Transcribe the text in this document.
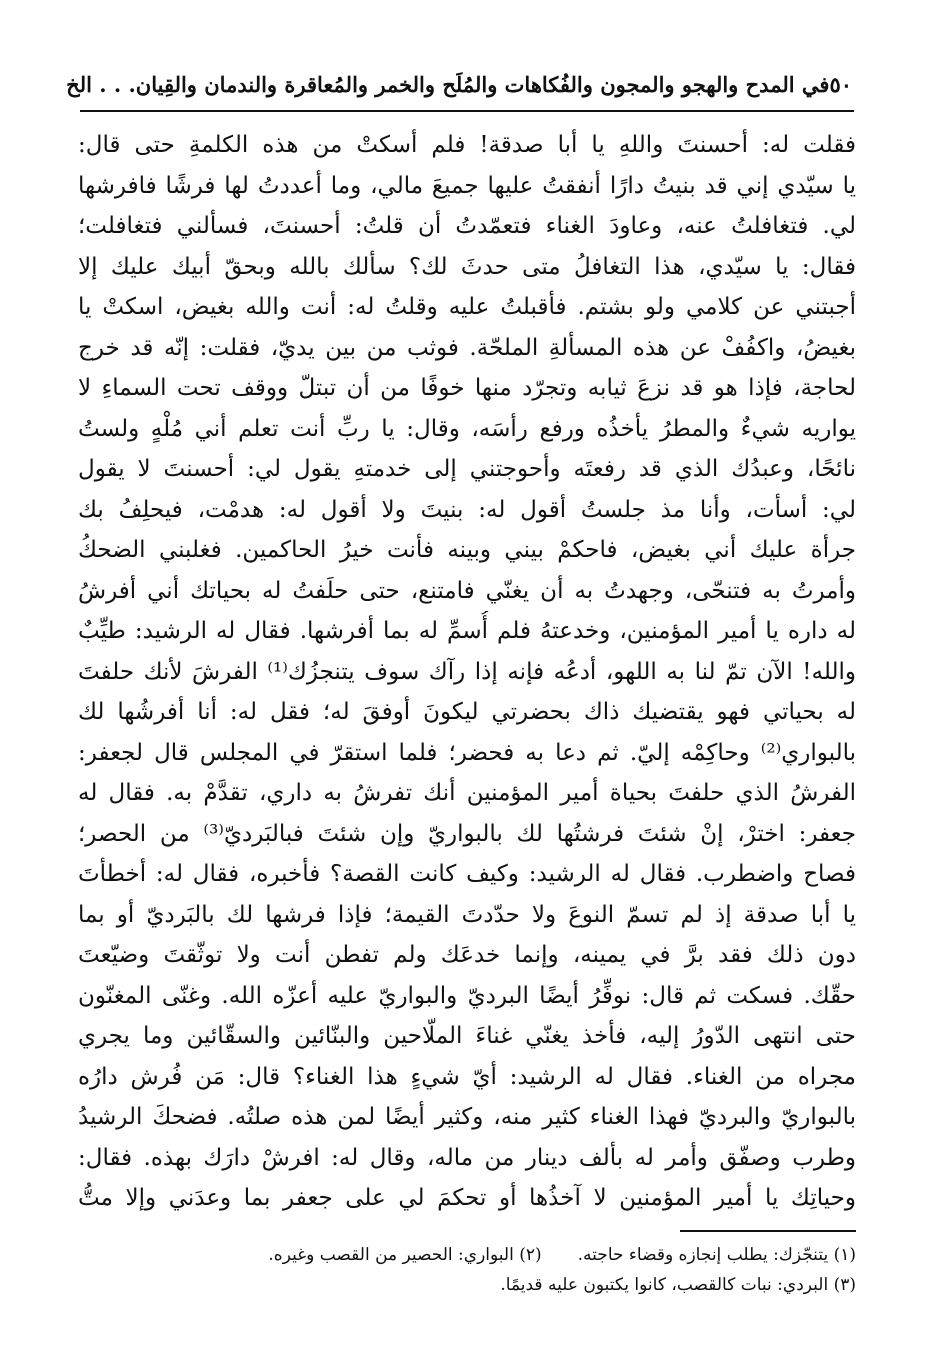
٥٠
في المدح والهجو والمجون والفُكاهات والمُلَح والخمر والمُعاقرة والندمان والقِيان. . . الخ
فقلت له: أحسنتَ واللهِ يا أبا صدقة! فلم أسكتْ من هذه الكلمةِ حتى قال:
يا سيّدي إني قد بنيتُ دارًا أنفقتُ عليها جميعَ مالي، وما أعددتُ لها فرشًا فافرشها
لي. فتغافلتُ عنه، وعاودَ الغناء فتعمّدتُ أن قلتُ: أحسنتَ، فسألني فتغافلت؛
فقال: يا سيّدي، هذا التغافلُ متى حدثَ لك؟ سألك بالله وبحقّ أبيك عليك إلا
أجبتني عن كلامي ولو بشتم. فأقبلتُ عليه وقلتُ له: أنت والله بغيض، اسكتْ يا
بغيضُ، واكفُفْ عن هذه المسألةِ الملحّة. فوثب من بين يديّ، فقلت: إنّه قد خرج
لحاجة، فإذا هو قد نزعَ ثيابه وتجرّد منها خوفًا من أن تبتلّ ووقف تحت السماءِ لا
يواريه شيءٌ والمطرُ يأخذُه ورفع رأسَه، وقال: يا ربِّ أنت تعلم أني مُلْهٍ ولستُ
نائحًا، وعبدُك الذي قد رفعتَه وأحوجتني إلى خدمتهِ يقول لي: أحسنتَ لا يقول
لي: أسأت، وأنا مذ جلستُ أقول له: بنيتَ ولا أقول له: هدمْت، فيحلِفُ بك
جرأة عليك أني بغيض، فاحكمْ بيني وبينه فأنت خيرُ الحاكمين. فغلبني الضحكُ
وأمرتُ به فتنحّى، وجهدتُ به أن يغنّي فامتنع، حتى حلَفتُ له بحياتك أني أفرشُ
له داره يا أمير المؤمنين، وخدعتهُ فلم أُسمِّ له بما أفرشها. فقال له الرشيد: طيِّبٌ
والله! الآن تمّ لنا به اللهو، أدعُه فإنه إذا رآك سوف يتنجزُك⁽¹⁾ الفرشَ لأنك حلفتَ
له بحياتي فهو يقتضيك ذاك بحضرتي ليكونَ أوفقَ له؛ فقل له: أنا أفرشُها لك
بالبواري⁽²⁾ وحاكِمْه إليّ. ثم دعا به فحضر؛ فلما استقرّ في المجلس قال لجعفر:
الفرشُ الذي حلفتَ بحياة أمير المؤمنين أنك تفرشُ به داري، تقدَّمْ به. فقال له
جعفر: اخترْ، إنْ شئتَ فرشتُها لك بالبواريّ وإن شئتَ فبالبَرديّ⁽³⁾ من الحصر؛
فصاح واضطرب. فقال له الرشيد: وكيف كانت القصة؟ فأخبره، فقال له: أخطأتَ
يا أبا صدقة إذ لم تسمّ النوعَ ولا حدّدتَ القيمة؛ فإذا فرشها لك بالبَرديّ أو بما
دون ذلك فقد برَّ في يمينه، وإنما خدعَك ولم تفطن أنت ولا توثّقتَ وضيّعتَ
حقّك. فسكت ثم قال: نوفِّرُ أيضًا البرديّ والبواريّ عليه أعزّه الله. وغنّى المغنّون
حتى انتهى الدّورُ إليه، فأخذ يغنّي غناءَ الملّاحين والبنّائين والسقّائين وما يجري
مجراه من الغناء. فقال له الرشيد: أيّ شيءٍ هذا الغناء؟ قال: مَن فُرش دارُه
بالبواريّ والبرديّ فهذا الغناء كثير منه، وكثير أيضًا لمن هذه صلتُه. فضحكَ الرشيدُ
وطرب وصفّق وأمر له بألف دينار من ماله، وقال له: افرشْ دارَك بهذه. فقال:
وحياتِك يا أمير المؤمنين لا آخذُها أو تحكمَ لي على جعفر بما وعدَني وإلا متُّ
(١) يتنجّزك: يطلب إنجازه وقضاء حاجته.
(٢) البواري: الحصير من القصب وغيره.
(٣) البردي: نبات كالقصب، كانوا يكتبون عليه قديمًا.
